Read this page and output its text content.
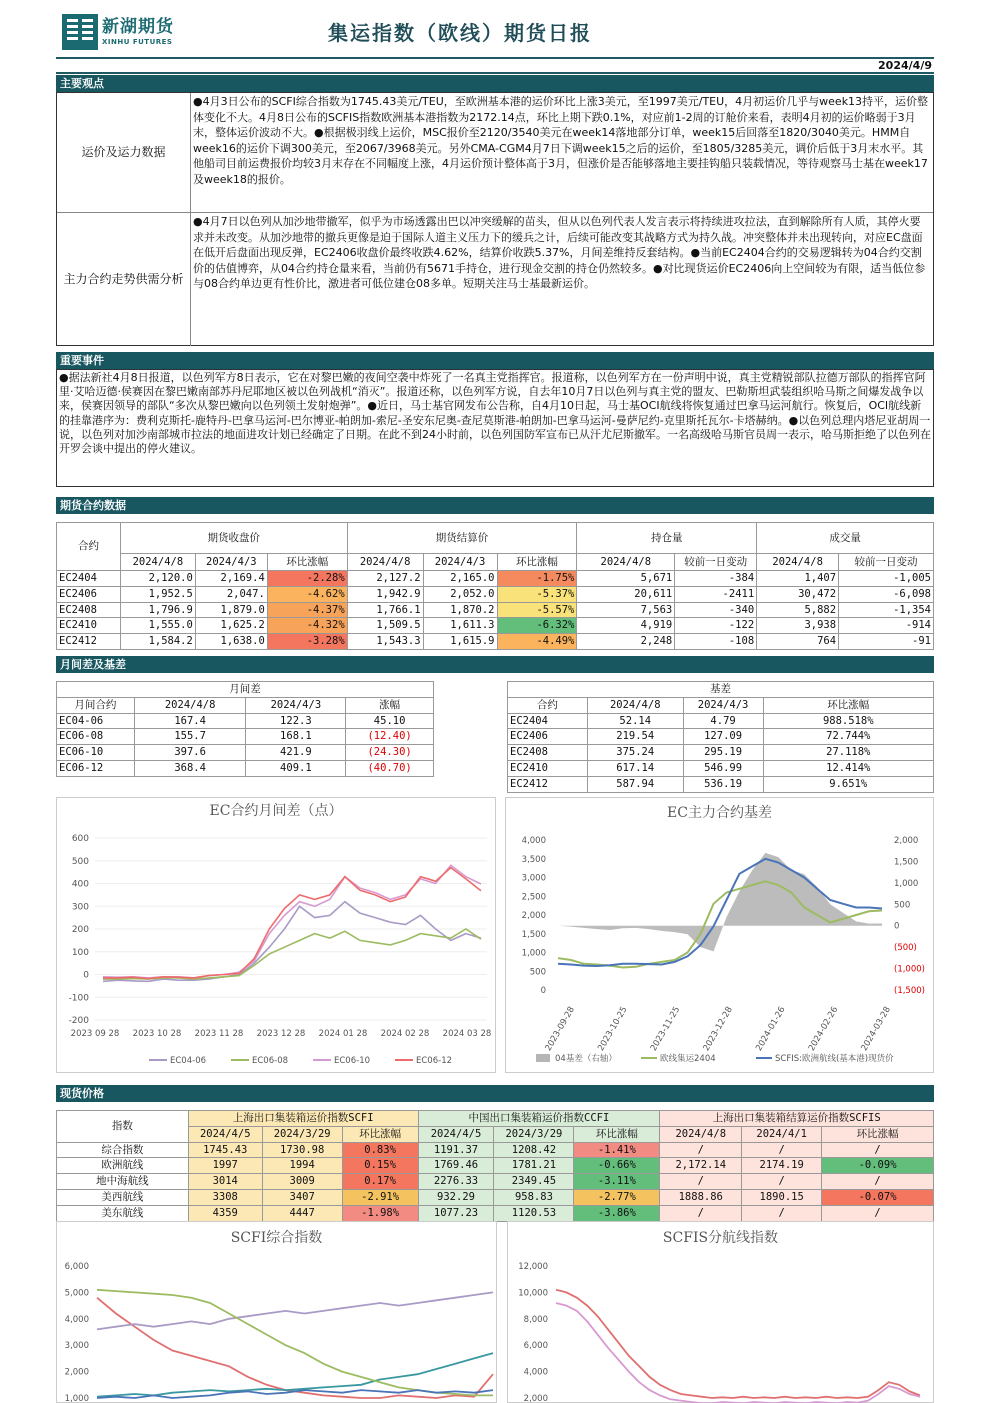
新湖期货
XINHU FUTURES	集运指数（欧线）期货日报
2024/4/9
主要观点
运价及运力数据
●4月3日公布的SCFI综合指数为1745.43美元/TEU，至欧洲基本港的运价环比上涨3美元，至1997美元/TEU，4月初运价几乎与week13持平，运价整体变化不大。4月8日公布的SCFIS指数欧洲基本港指数为2172.14点，环比上期下跌0.1%，对应前1-2周的订舱价来看，表明4月初的运价略弱于3月末，整体运价波动不大。●根据极羽线上运价，MSC报价至2120/3540美元在week14落地部分订单，week15后回落至1820/3040美元。HMM自week16的运价下调300美元，至2067/3968美元。另外CMA-CGM4月7日下调week15之后的运价，至1805/3285美元，调价后低于3月末水平。其他船司目前运费报价均较3月末存在不同幅度上涨，4月运价预计整体高于3月，但涨价是否能够落地主要挂钩船只装载情况，等待观察马士基在week17及week18的报价。
主力合约走势供需分析
●4月7日以色列从加沙地带撤军，似乎为市场透露出巴以冲突缓解的苗头，但从以色列代表人发言表示将持续进攻拉法，直到解除所有人质，其停火要求并未改变。从加沙地带的撤兵更像是迫于国际人道主义压力下的缓兵之计，后续可能改变其战略方式为持久战。冲突整体并未出现转向，对应EC盘面在低开后盘面出现反弹，EC2406收盘价最终收跌4.62%，结算价收跌5.37%，月间差维持反套结构。●当前EC2404合约的交易逻辑转为04合约交割价的估值博弈，从04合约持仓量来看，当前仍有5671手持仓，进行现金交割的持仓仍然较多。●对比现货运价EC2406向上空间较为有限，适当低位参与08合约单边更有性价比，激进者可低位建仓08多单。短期关注马士基最新运价。
重要事件
●据法新社4月8日报道，以色列军方8日表示，它在对黎巴嫩的夜间空袭中炸死了一名真主党指挥官。报道称，以色列军方在一份声明中说，真主党精锐部队拉德万部队的指挥官阿里·艾哈迈德·侯赛因在黎巴嫩南部苏丹尼耶地区被以色列战机“消灭”。报道还称，以色列军方说，自去年10月7日以色列与真主党的盟友、巴勒斯坦武装组织哈马斯之间爆发战争以来，侯赛因领导的部队“多次从黎巴嫩向以色列领土发射炮弹”。●近日，马士基官网发布公告称，自4月10日起，马士基OCI航线将恢复通过巴拿马运河航行。恢复后，OCI航线新的挂靠港序为：费利克斯托-鹿特丹-巴拿马运河-巴尔博亚-帕朗加-索尼-圣安东尼奥-查尼莫斯港-帕朗加-巴拿马运河-曼萨尼约-克里斯托瓦尔-卡塔赫纳。●以色列总理内塔尼亚胡周一说，以色列对加沙南部城市拉法的地面进攻计划已经确定了日期。在此不到24小时前，以色列国防军宣布已从汗尤尼斯撤军。一名高级哈马斯官员周一表示，哈马斯拒绝了以色列在开罗会谈中提出的停火建议。
期货合约数据
合约	期货收盘价			期货结算价			持仓量		成交量	
	2024/4/8	2024/4/3	环比涨幅	2024/4/8	2024/4/3	环比涨幅	2024/4/8	较前一日变动	2024/4/8	较前一日变动
EC2404	2,120.0	2,169.4	-2.28%	2,127.2	2,165.0	-1.75%	5,671	-384	1,407	-1,005
EC2406	1,952.5	2,047.	-4.62%	1,942.9	2,052.0	-5.37%	20,611	-2411	30,472	-6,098
EC2408	1,796.9	1,879.0	-4.37%	1,766.1	1,870.2	-5.57%	7,563	-340	5,882	-1,354
EC2410	1,555.0	1,625.2	-4.32%	1,509.5	1,611.3	-6.32%	4,919	-122	3,938	-914
EC2412	1,584.2	1,638.0	-3.28%	1,543.3	1,615.9	-4.49%	2,248	-108	764	-91
月间差及基差
月间差			
月间合约	2024/4/8	2024/4/3	涨幅
EC04-06	167.4	122.3	45.10
EC06-08	155.7	168.1	(12.40)
EC06-10	397.6	421.9	(24.30)
EC06-12	368.4	409.1	(40.70)
基差			
合约	2024/4/8	2024/4/3	环比涨幅
EC2404	52.14	4.79	988.518%
EC2406	219.54	127.09	72.744%
EC2408	375.24	295.19	27.118%
EC2410	617.14	546.99	12.414%
EC2412	587.94	536.19	9.651%
EC合约月间差（点）
-200
-100
0
100
200
300
400
500
600
2023 09 28 2023 10 28 2023 11 28 2023 12 28 2024 01 28 2024 02 28 2024 03 28
EC04-06	EC06-08	EC06-10	EC06-12
EC主力合约基差
0
500
1,000
1,500
2,000
2,500
3,000
3,500
4,000
(1,500)
(1,000)
(500)
0
500
1,000
1,500
2,000
2023-09-28 2023-10-25 2023-11-25 2023-12-28 2024-01-26 2024-02-26 2024-03-28
04基差（右轴）	欧线集运2404	SCFIS:欧洲航线(基本港)现货价
现货价格
指数	上海出口集装箱运价指数SCFI			中国出口集装箱运价指数CCFI			上海出口集装箱结算运价指数SCFIS		
	2024/4/5	2024/3/29	环比涨幅	2024/4/5	2024/3/29	环比涨幅	2024/4/8	2024/4/1	环比涨幅
综合指数	1745.43	1730.98	0.83%	1191.37	1208.42	-1.41%	/	/	/
欧洲航线	1997	1994	0.15%	1769.46	1781.21	-0.66%	2,172.14	2174.19	-0.09%
地中海航线	3014	3009	0.17%	2276.33	2349.45	-3.11%	/	/	/
美西航线	3308	3407	-2.91%	932.29	958.83	-2.77%	1888.86	1890.15	-0.07%
美东航线	4359	4447	-1.98%	1077.23	1120.53	-3.86%	/	/	/
SCFI综合指数
1,000
2,000
3,000
4,000
5,000
6,000
SCFIS分航线指数
2,000
4,000
6,000
8,000
10,000
12,000
